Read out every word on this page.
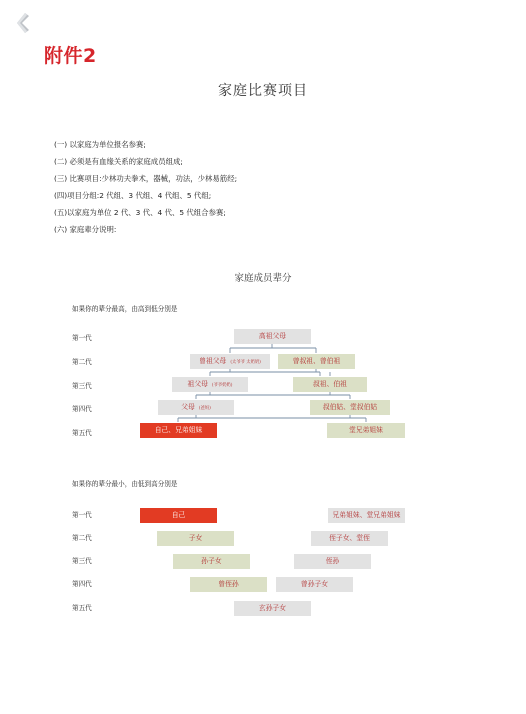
附件2
家庭比赛项目
(一) 以家庭为单位报名参赛;
(二) 必须是有血缘关系的家庭成员组成;
(三) 比赛项目:少林功夫拳术，器械，功法，少林易筋经;
(四)项目分组:2 代组、3 代组、4 代组、5 代组;
(五)以家庭为单位 2 代、3 代、4 代、5 代组合参赛;
(六) 家庭辈分说明:
家庭成员辈分
如果你的辈分最高，由高到低分别是
第一代
第二代
第三代
第四代
第五代
高祖父母
曾祖父母 (太爷爷 太奶奶)	曾叔祖、曾伯祖
祖父母 (爷爷奶奶)	叔祖、伯祖
父母 (爸妈)	叔伯姑、堂叔伯姑
自己、兄弟姐妹	堂兄弟姐妹
如果你的辈分最小，由低到高分别是
第一代
第二代
第三代
第四代
第五代
自己	兄弟姐妹、堂兄弟姐妹
子女	侄子女、堂侄
孙子女	侄孙
曾侄孙	曾孙子女
玄孙子女
